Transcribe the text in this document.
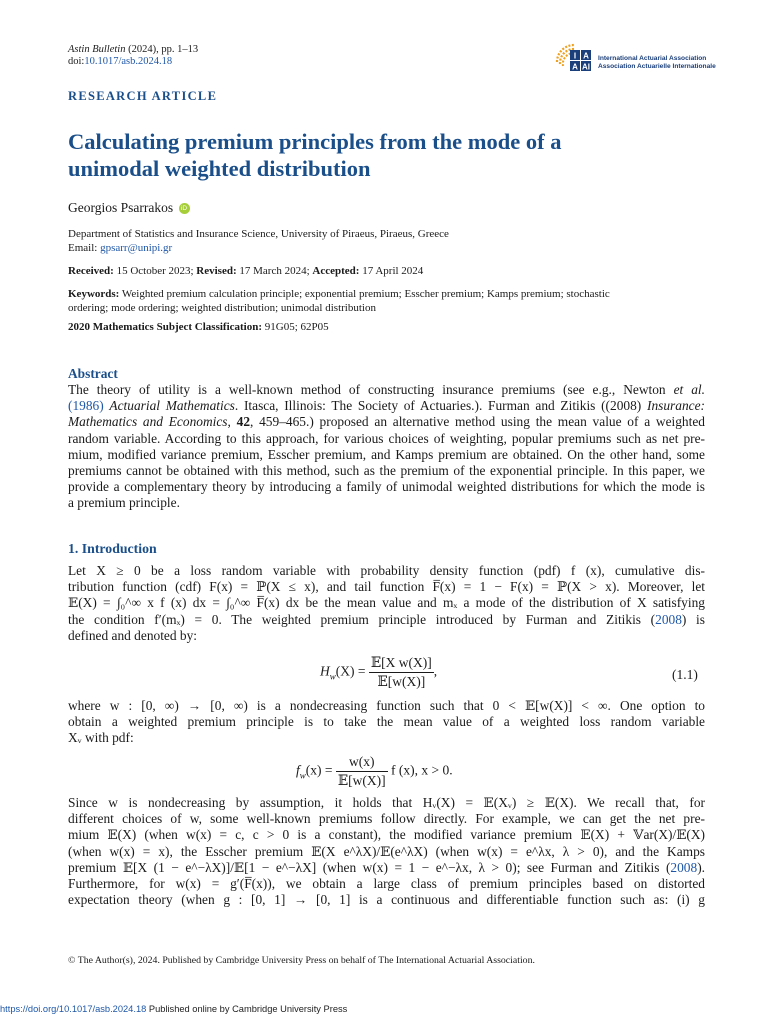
Astin Bulletin (2024), pp. 1–13
doi:10.1017/asb.2024.18	I A
A AI
International Actuarial Association
Association Actuarielle Internationale
RESEARCH ARTICLE
Calculating premium principles from the mode of a
unimodal weighted distribution
Georgios Psarrakos iD
Department of Statistics and Insurance Science, University of Piraeus, Piraeus, Greece
Email: gpsarr@unipi.gr
Received: 15 October 2023; Revised: 17 March 2024; Accepted: 17 April 2024
Keywords: Weighted premium calculation principle; exponential premium; Esscher premium; Kamps premium; stochastic
ordering; mode ordering; weighted distribution; unimodal distribution
2020 Mathematics Subject Classification: 91G05; 62P05
Abstract
The theory of utility is a well-known method of constructing insurance premiums (see e.g., Newton et al.
(1986) Actuarial Mathematics. Itasca, Illinois: The Society of Actuaries.). Furman and Zitikis ((2008) Insurance:
Mathematics and Economics, 42, 459–465.) proposed an alternative method using the mean value of a weighted
random variable. According to this approach, for various choices of weighting, popular premiums such as net pre-
mium, modified variance premium, Esscher premium, and Kamps premium are obtained. On the other hand, some
premiums cannot be obtained with this method, such as the premium of the exponential principle. In this paper, we
provide a complementary theory by introducing a family of unimodal weighted distributions for which the mode is
a premium principle.
1. Introduction
Let X ≥ 0 be a loss random variable with probability density function (pdf) f (x), cumulative dis-
tribution function (cdf) F(x) = ℙ(X ≤ x), and tail function F̅(x) = 1 − F(x) = ℙ(X > x). Moreover, let
𝔼(X) = ∫₀^∞ x f (x) dx = ∫₀^∞ F̅(x) dx be the mean value and mₓ a mode of the distribution of X satisfying
the condition f′(mₓ) = 0. The weighted premium principle introduced by Furman and Zitikis (2008) is
defined and denoted by:
$H_w(X) = \frac{\text{𝔼[X w(X)]}}{\text{𝔼[w(X)]}}$ ,	(1.1)
where w : [0, ∞) → [0, ∞) is a nondecreasing function such that 0 < 𝔼[w(X)] < ∞. One option to
obtain a weighted premium principle is to take the mean value of a weighted loss random variable
Xᵥ with pdf:
$f_w(x) = \frac{w(x)}{\text{𝔼[w(X)]}}$ f (x), x > 0.
Since w is nondecreasing by assumption, it holds that Hᵥ(X) = 𝔼(Xᵥ) ≥ 𝔼(X). We recall that, for
different choices of w, some well-known premiums follow directly. For example, we can get the net pre-
mium 𝔼(X) (when w(x) = c, c > 0 is a constant), the modified variance premium 𝔼(X) + 𝕍ar(X)/𝔼(X)
(when w(x) = x), the Esscher premium 𝔼(X e^λX)/𝔼(e^λX) (when w(x) = e^λx, λ > 0), and the Kamps
premium 𝔼[X (1 − e^−λX)]/𝔼[1 − e^−λX] (when w(x) = 1 − e^−λx, λ > 0); see Furman and Zitikis (2008).
Furthermore, for w(x) = g′(F̅(x)), we obtain a large class of premium principles based on distorted
expectation theory (when g : [0, 1] → [0, 1] is a continuous and differentiable function such as: (i) g
© The Author(s), 2024. Published by Cambridge University Press on behalf of The International Actuarial Association.
https://doi.org/10.1017/asb.2024.18 Published online by Cambridge University Press
